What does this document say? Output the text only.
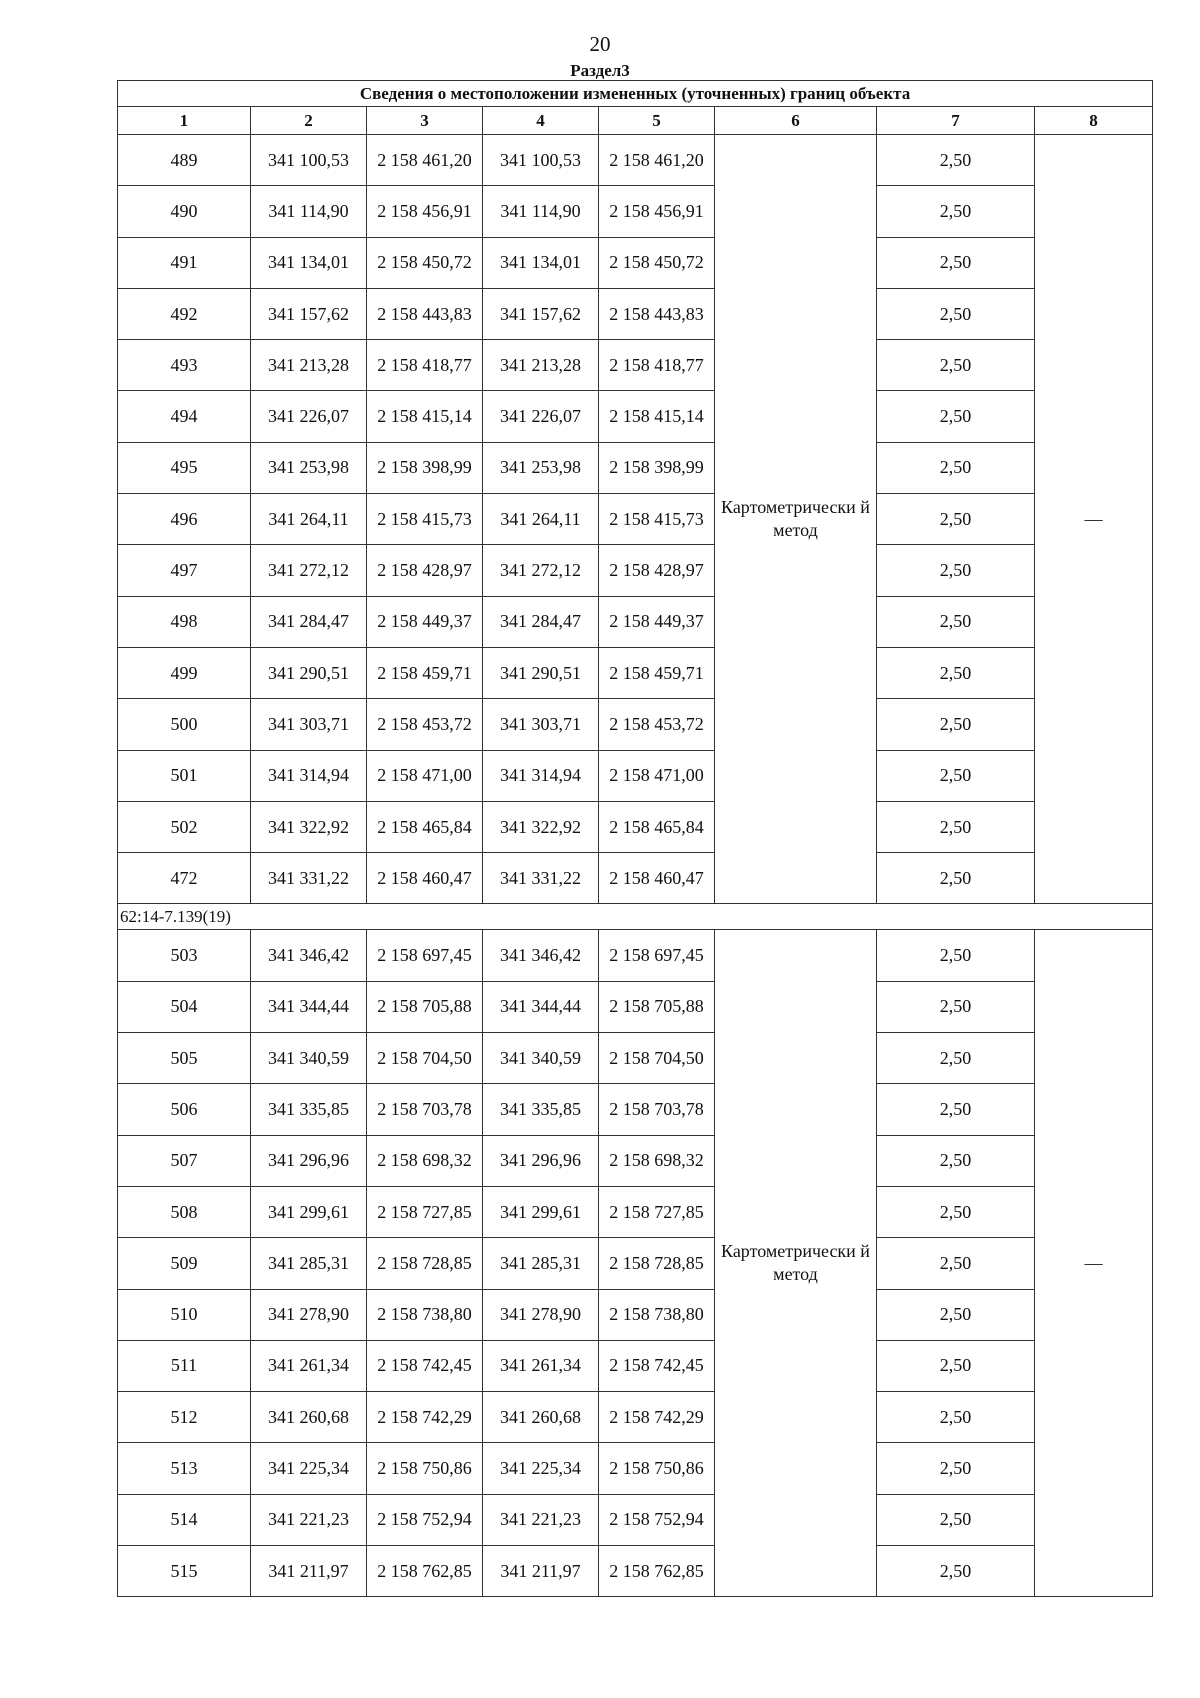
20
Раздел3
Сведения о местоположении измененных (уточненных) границ объекта							
1	2	3	4	5	6	7	8
489	341 100,53	2 158 461,20	341 100,53	2 158 461,20	Картометрически й метод	2,50	—
490	341 114,90	2 158 456,91	341 114,90	2 158 456,91		2,50	
491	341 134,01	2 158 450,72	341 134,01	2 158 450,72		2,50	
492	341 157,62	2 158 443,83	341 157,62	2 158 443,83		2,50	
493	341 213,28	2 158 418,77	341 213,28	2 158 418,77		2,50	
494	341 226,07	2 158 415,14	341 226,07	2 158 415,14		2,50	
495	341 253,98	2 158 398,99	341 253,98	2 158 398,99		2,50	
496	341 264,11	2 158 415,73	341 264,11	2 158 415,73		2,50	
497	341 272,12	2 158 428,97	341 272,12	2 158 428,97		2,50	
498	341 284,47	2 158 449,37	341 284,47	2 158 449,37		2,50	
499	341 290,51	2 158 459,71	341 290,51	2 158 459,71		2,50	
500	341 303,71	2 158 453,72	341 303,71	2 158 453,72		2,50	
501	341 314,94	2 158 471,00	341 314,94	2 158 471,00		2,50	
502	341 322,92	2 158 465,84	341 322,92	2 158 465,84		2,50	
472	341 331,22	2 158 460,47	341 331,22	2 158 460,47		2,50	
62:14-7.139(19)							
503	341 346,42	2 158 697,45	341 346,42	2 158 697,45	Картометрически й метод	2,50	—
504	341 344,44	2 158 705,88	341 344,44	2 158 705,88		2,50	
505	341 340,59	2 158 704,50	341 340,59	2 158 704,50		2,50	
506	341 335,85	2 158 703,78	341 335,85	2 158 703,78		2,50	
507	341 296,96	2 158 698,32	341 296,96	2 158 698,32		2,50	
508	341 299,61	2 158 727,85	341 299,61	2 158 727,85		2,50	
509	341 285,31	2 158 728,85	341 285,31	2 158 728,85		2,50	
510	341 278,90	2 158 738,80	341 278,90	2 158 738,80		2,50	
511	341 261,34	2 158 742,45	341 261,34	2 158 742,45		2,50	
512	341 260,68	2 158 742,29	341 260,68	2 158 742,29		2,50	
513	341 225,34	2 158 750,86	341 225,34	2 158 750,86		2,50	
514	341 221,23	2 158 752,94	341 221,23	2 158 752,94		2,50	
515	341 211,97	2 158 762,85	341 211,97	2 158 762,85		2,50	
